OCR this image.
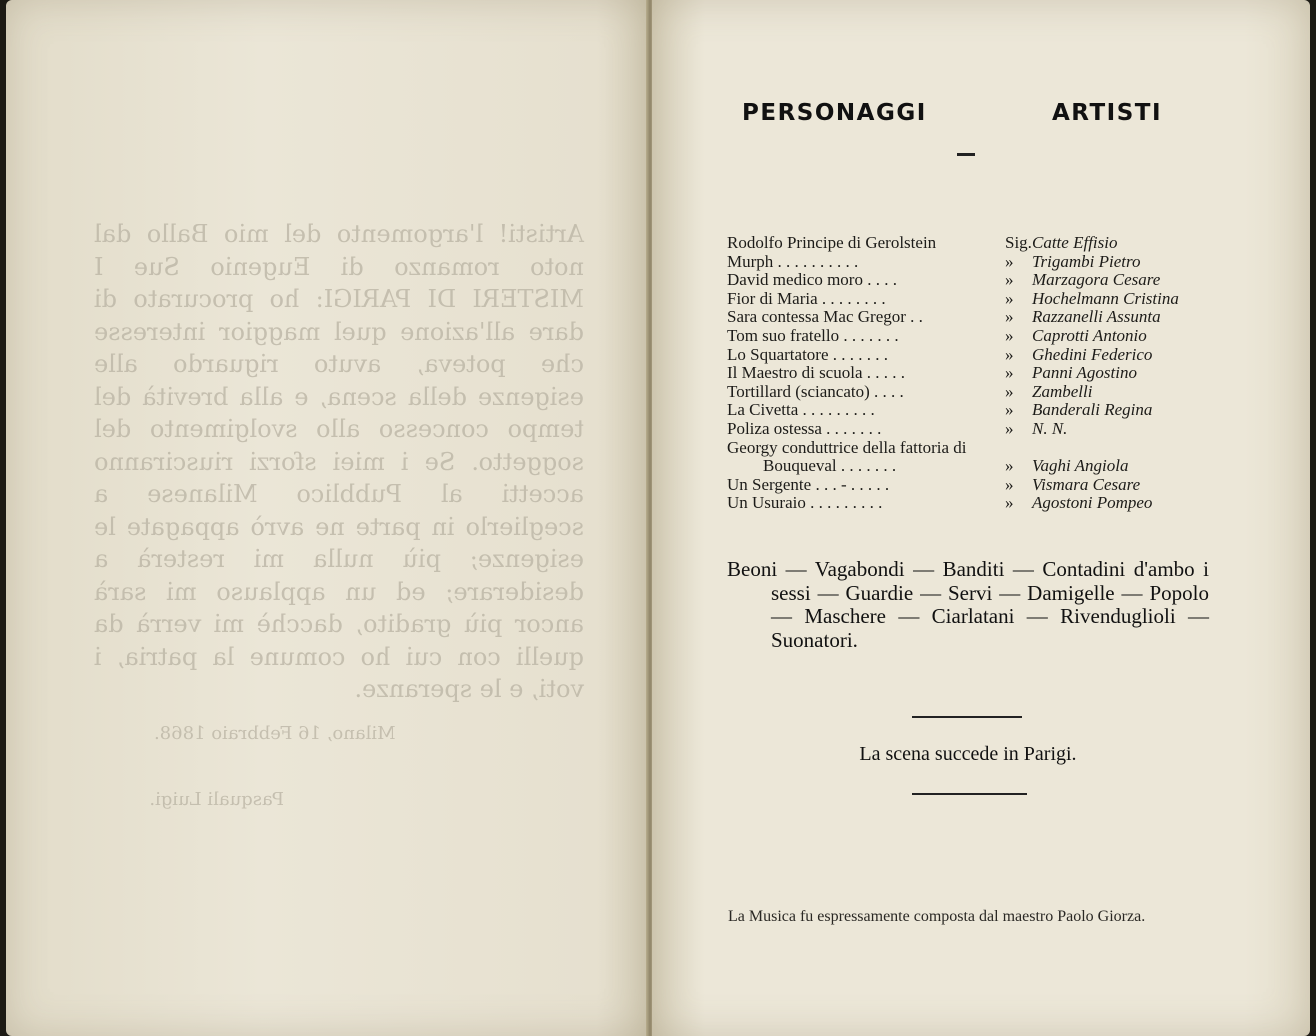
Artisti! l'argomento del mio Ballo dal noto romanzo di Eugenio Sue I MISTERI DI PARIGI: ho procurato di dare all'azione quel maggior interesse che poteva, avuto riguardo alle esigenze della scena, e alla brevità del tempo concesso allo svolgimento del soggetto. Se i miei sforzi riusciranno accetti al Pubblico Milanese a sceglierlo in parte ne avrò appagate le esigenze; più nulla mi resterà a desiderare; ed un applauso mi sarà ancor più gradito, dacchè mi verrà da quelli con cui ho comune la patria, i voti, e le speranze.

Milano, 16 Febbraio 1868.

Pasquali Luigi.

PERSONAGGI	ARTISTI
Rodolfo Principe di Gerolstein	Sig. Catte Effisio
Murph . . . . . . . . . .	» Trigambi Pietro
David medico moro . . . .	» Marzagora Cesare
Fior di Maria . . . . . . . .	» Hochelmann Cristina
Sara contessa Mac Gregor . .	» Razzanelli Assunta
Tom suo fratello . . . . . . .	» Caprotti Antonio
Lo Squartatore . . . . . . .	» Ghedini Federico
Il Maestro di scuola . . . . .	» Panni Agostino
Tortillard (sciancato) . . . .	» Zambelli
La Civetta . . . . . . . . .	» Banderali Regina
Poliza ostessa . . . . . . .	» N. N.
Georgy conduttrice della fattoria di
Bouqueval . . . . . . .	» Vaghi Angiola
Un Sergente . . . - . . . . .	» Vismara Cesare
Un Usuraio . . . . . . . . .	» Agostoni Pompeo

Beoni — Vagabondi — Banditi — Contadini d'ambo i sessi — Guardie — Servi — Damigelle — Popolo — Maschere — Ciarlatani — Rivenduglioli — Suonatori.

La scena succede in Parigi.

La Musica fu espressamente composta dal maestro Paolo Giorza.
